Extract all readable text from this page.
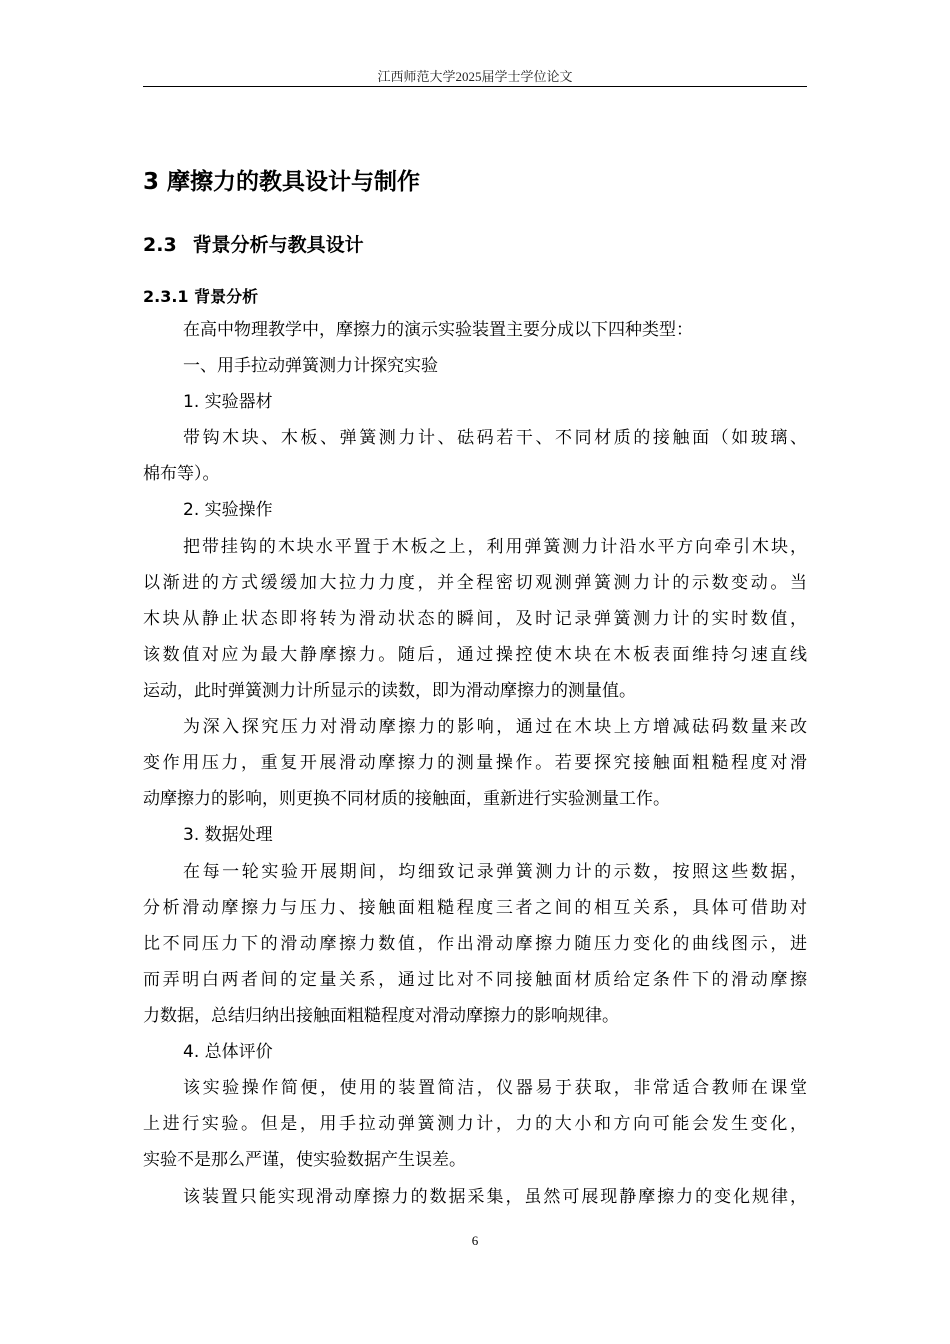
江西师范大学2025届学士学位论文
3 摩擦力的教具设计与制作
2.3 背景分析与教具设计
2.3.1 背景分析
在高中物理教学中，摩擦力的演示实验装置主要分成以下四种类型：
一、用手拉动弹簧测力计探究实验
1. 实验器材
带钩木块、木板、弹簧测力计、砝码若干、不同材质的接触面（如玻璃、
棉布等）。
2. 实验操作
把带挂钩的木块水平置于木板之上，利用弹簧测力计沿水平方向牵引木块，
以渐进的方式缓缓加大拉力力度，并全程密切观测弹簧测力计的示数变动。当
木块从静止状态即将转为滑动状态的瞬间，及时记录弹簧测力计的实时数值，
该数值对应为最大静摩擦力。随后，通过操控使木块在木板表面维持匀速直线
运动，此时弹簧测力计所显示的读数，即为滑动摩擦力的测量值。
为深入探究压力对滑动摩擦力的影响，通过在木块上方增减砝码数量来改
变作用压力，重复开展滑动摩擦力的测量操作。若要探究接触面粗糙程度对滑
动摩擦力的影响，则更换不同材质的接触面，重新进行实验测量工作。
3. 数据处理
在每一轮实验开展期间，均细致记录弹簧测力计的示数，按照这些数据，
分析滑动摩擦力与压力、接触面粗糙程度三者之间的相互关系，具体可借助对
比不同压力下的滑动摩擦力数值，作出滑动摩擦力随压力变化的曲线图示，进
而弄明白两者间的定量关系，通过比对不同接触面材质给定条件下的滑动摩擦
力数据，总结归纳出接触面粗糙程度对滑动摩擦力的影响规律。
4. 总体评价
该实验操作简便，使用的装置简洁，仪器易于获取，非常适合教师在课堂
上进行实验。但是，用手拉动弹簧测力计，力的大小和方向可能会发生变化，
实验不是那么严谨，使实验数据产生误差。
该装置只能实现滑动摩擦力的数据采集，虽然可展现静摩擦力的变化规律，
6
